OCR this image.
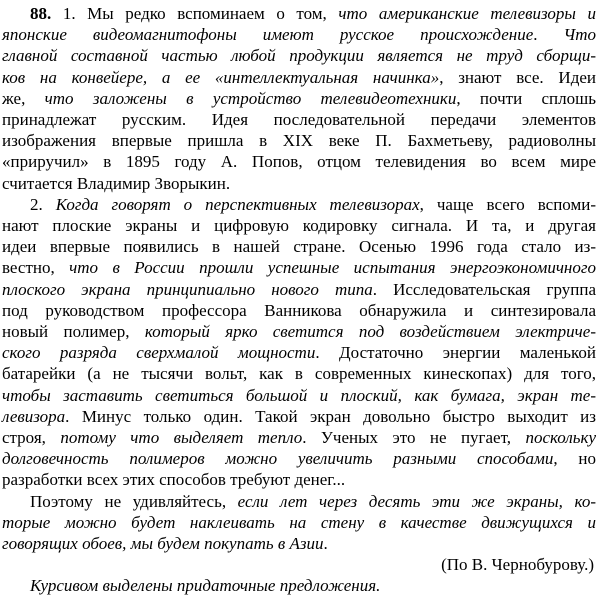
88. 1. Мы редко вспоминаем о том, что американские телевизоры и
японские видеомагнитофоны имеют русское происхождение. Что
главной составной частью любой продукции является не труд сборщи-
ков на конвейере, а ее «интеллектуальная начинка», знают все. Идеи
же, что заложены в устройство телевидеотехники, почти сплошь
принадлежат русским. Идея последовательной передачи элементов
изображения впервые пришла в XIX веке П. Бахметьеву, радиоволны
«приручил» в 1895 году А. Попов, отцом телевидения во всем мире
считается Владимир Зворыкин.
2. Когда говорят о перспективных телевизорах, чаще всего вспоми-
нают плоские экраны и цифровую кодировку сигнала. И та, и другая
идеи впервые появились в нашей стране. Осенью 1996 года стало из-
вестно, что в России прошли успешные испытания энергоэкономичного
плоского экрана принципиально нового типа. Исследовательская группа
под руководством профессора Ванникова обнаружила и синтезировала
новый полимер, который ярко светится под воздействием электриче-
ского разряда сверхмалой мощности. Достаточно энергии маленькой
батарейки (а не тысячи вольт, как в современных кинескопах) для того,
чтобы заставить светиться большой и плоский, как бумага, экран те-
левизора. Минус только один. Такой экран довольно быстро выходит из
строя, потому что выделяет тепло. Ученых это не пугает, поскольку
долговечность полимеров можно увеличить разными способами, но
разработки всех этих способов требуют денег...
Поэтому не удивляйтесь, если лет через десять эти же экраны, ко-
торые можно будет наклеивать на стену в качестве движущихся и
говорящих обоев, мы будем покупать в Азии.
(По В. Чернобурову.)
Курсивом выделены придаточные предложения.
